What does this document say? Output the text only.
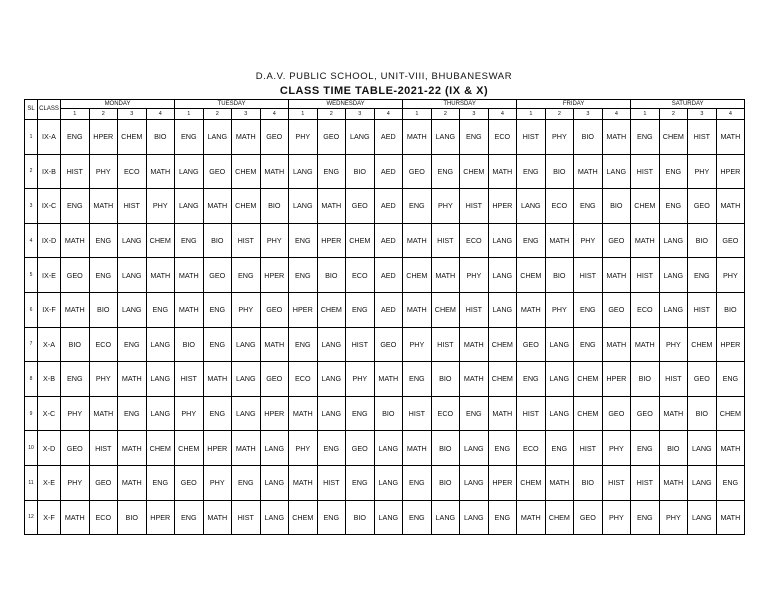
D.A.V. PUBLIC SCHOOL, UNIT-VIII, BHUBANESWAR
CLASS TIME TABLE-2021-22 (IX & X)
SL	CLASS	MONDAY				TUESDAY				WEDNESDAY				THURSDAY				FRIDAY				SATURDAY			
		1	2	3	4	1	2	3	4	1	2	3	4	1	2	3	4	1	2	3	4	1	2	3	4
1	IX-A	ENG	HPER	CHEM	BIO	ENG	LANG	MATH	GEO	PHY	GEO	LANG	AED	MATH	LANG	ENG	ECO	HIST	PHY	BIO	MATH	ENG	CHEM	HIST	MATH
2	IX-B	HIST	PHY	ECO	MATH	LANG	GEO	CHEM	MATH	LANG	ENG	BIO	AED	GEO	ENG	CHEM	MATH	ENG	BIO	MATH	LANG	HIST	ENG	PHY	HPER
3	IX-C	ENG	MATH	HIST	PHY	LANG	MATH	CHEM	BIO	LANG	MATH	GEO	AED	ENG	PHY	HIST	HPER	LANG	ECO	ENG	BIO	CHEM	ENG	GEO	MATH
4	IX-D	MATH	ENG	LANG	CHEM	ENG	BIO	HIST	PHY	ENG	HPER	CHEM	AED	MATH	HIST	ECO	LANG	ENG	MATH	PHY	GEO	MATH	LANG	BIO	GEO
5	IX-E	GEO	ENG	LANG	MATH	MATH	GEO	ENG	HPER	ENG	BIO	ECO	AED	CHEM	MATH	PHY	LANG	CHEM	BIO	HIST	MATH	HIST	LANG	ENG	PHY
6	IX-F	MATH	BIO	LANG	ENG	MATH	ENG	PHY	GEO	HPER	CHEM	ENG	AED	MATH	CHEM	HIST	LANG	MATH	PHY	ENG	GEO	ECO	LANG	HIST	BIO
7	X-A	BIO	ECO	ENG	LANG	BIO	ENG	LANG	MATH	ENG	LANG	HIST	GEO	PHY	HIST	MATH	CHEM	GEO	LANG	ENG	MATH	MATH	PHY	CHEM	HPER
8	X-B	ENG	PHY	MATH	LANG	HIST	MATH	LANG	GEO	ECO	LANG	PHY	MATH	ENG	BIO	MATH	CHEM	ENG	LANG	CHEM	HPER	BIO	HIST	GEO	ENG
9	X-C	PHY	MATH	ENG	LANG	PHY	ENG	LANG	HPER	MATH	LANG	ENG	BIO	HIST	ECO	ENG	MATH	HIST	LANG	CHEM	GEO	GEO	MATH	BIO	CHEM
10	X-D	GEO	HIST	MATH	CHEM	CHEM	HPER	MATH	LANG	PHY	ENG	GEO	LANG	MATH	BIO	LANG	ENG	ECO	ENG	HIST	PHY	ENG	BIO	LANG	MATH
11	X-E	PHY	GEO	MATH	ENG	GEO	PHY	ENG	LANG	MATH	HIST	ENG	LANG	ENG	BIO	LANG	HPER	CHEM	MATH	BIO	HIST	HIST	MATH	LANG	ENG
12	X-F	MATH	ECO	BIO	HPER	ENG	MATH	HIST	LANG	CHEM	ENG	BIO	LANG	ENG	LANG	LANG	ENG	MATH	CHEM	GEO	PHY	ENG	PHY	LANG	MATH
